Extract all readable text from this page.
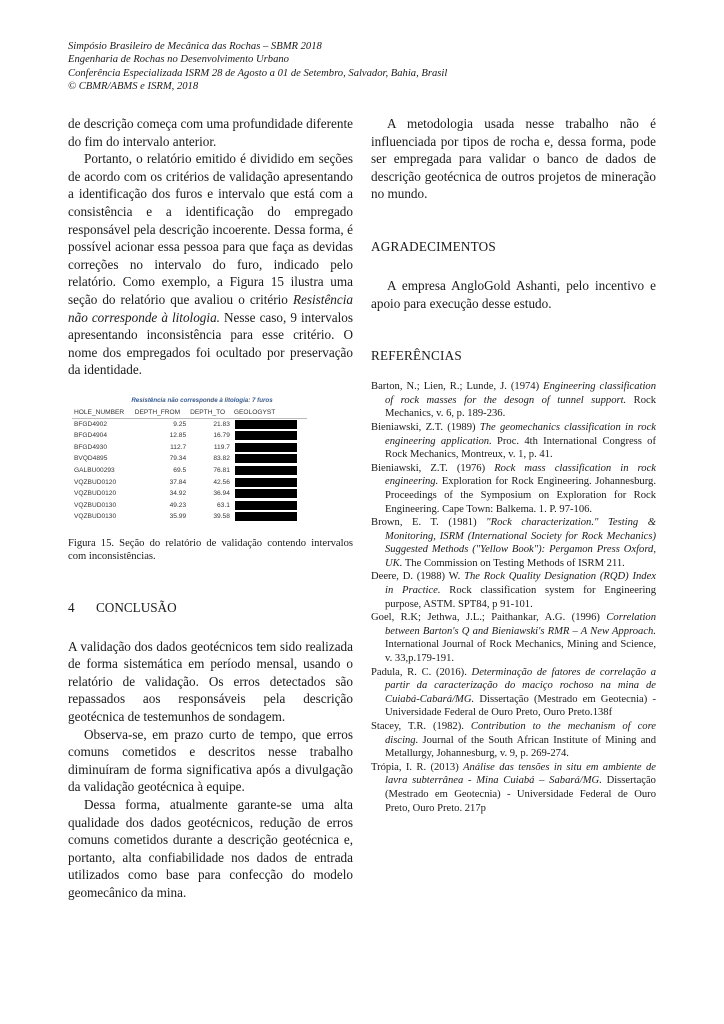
Simpósio Brasileiro de Mecânica das Rochas – SBMR 2018
Engenharia de Rochas no Desenvolvimento Urbano
Conferência Especializada ISRM 28 de Agosto a 01 de Setembro, Salvador, Bahia, Brasil
© CBMR/ABMS e ISRM, 2018

de descrição começa com uma profundidade diferente do fim do intervalo anterior.

Portanto, o relatório emitido é dividido em seções de acordo com os critérios de validação apresentando a identificação dos furos e intervalo que está com a consistência e a identificação do empregado responsável pela descrição incoerente. Dessa forma, é possível acionar essa pessoa para que faça as devidas correções no intervalo do furo, indicado pelo relatório. Como exemplo, a Figura 15 ilustra uma seção do relatório que avaliou o critério Resistência não corresponde à litologia. Nesse caso, 9 intervalos apresentando inconsistência para esse critério. O nome dos empregados foi ocultado por preservação da identidade.

Resistência não corresponde à litologia: 7 furos
HOLE_NUMBER	DEPTH_FROM	DEPTH_TO	GEOLOGYST
BFGD4902	9.25	21.83	
BFGD4904	12.85	16.79	
BFGD4930	112.7	119.7	
BVQD4895	79.34	83.82	
GALBU00293	69.5	76.81	
VQZBUD0120	37.84	42.56	
VQZBUD0120	34.92	36.94	
VQZBUD0130	49.23	63.1	
VQZBUD0130	35.99	39.58	

Figura 15. Seção do relatório de validação contendo intervalos com inconsistências.

4	CONCLUSÃO

A validação dos dados geotécnicos tem sido realizada de forma sistemática em período mensal, usando o relatório de validação. Os erros detectados são repassados aos responsáveis pela descrição geotécnica de testemunhos de sondagem.

Observa-se, em prazo curto de tempo, que erros comuns cometidos e descritos nesse trabalho diminuíram de forma significativa após a divulgação da validação geotécnica à equipe.

Dessa forma, atualmente garante-se uma alta qualidade dos dados geotécnicos, redução de erros comuns cometidos durante a descrição geotécnica e, portanto, alta confiabilidade nos dados de entrada utilizados como base para confecção do modelo geomecânico da mina.

A metodologia usada nesse trabalho não é influenciada por tipos de rocha e, dessa forma, pode ser empregada para validar o banco de dados de descrição geotécnica de outros projetos de mineração no mundo.

AGRADECIMENTOS

A empresa AngloGold Ashanti, pelo incentivo e apoio para execução desse estudo.

REFERÊNCIAS

Barton, N.; Lien, R.; Lunde, J. (1974) Engineering classification of rock masses for the desogn of tunnel support. Rock Mechanics, v. 6, p. 189-236.

Bieniawski, Z.T. (1989) The geomechanics classification in rock engineering application. Proc. 4th International Congress of Rock Mechanics, Montreux, v. 1, p. 41.

Bieniawski, Z.T. (1976) Rock mass classification in rock engineering. Exploration for Rock Engineering. Johannesburg. Proceedings of the Symposium on Exploration for Rock Engineering. Cape Town: Balkema. 1. P. 97-106.

Brown, E. T. (1981) "Rock characterization." Testing & Monitoring, ISRM (International Society for Rock Mechanics) Suggested Methods ("Yellow Book"): Pergamon Press Oxford, UK. The Commission on Testing Methods of ISRM 211.

Deere, D. (1988) W. The Rock Quality Designation (RQD) Index in Practice. Rock classification system for Engineering purpose, ASTM. SPT84, p 91-101.

Goel, R.K; Jethwa, J.L.; Paithankar, A.G. (1996) Correlation between Barton's Q and Bieniawski's RMR – A New Approach. International Journal of Rock Mechanics, Mining and Science, v. 33,p.179-191.

Padula, R. C. (2016). Determinação de fatores de correlação a partir da caracterização do maciço rochoso na mina de Cuiabá-Cabará/MG. Dissertação (Mestrado em Geotecnia) - Universidade Federal de Ouro Preto, Ouro Preto.138f

Stacey, T.R. (1982). Contribution to the mechanism of core discing. Journal of the South African Institute of Mining and Metallurgy, Johannesburg, v. 9, p. 269-274.

Trópia, I. R. (2013) Análise das tensões in situ em ambiente de lavra subterrânea - Mina Cuiabá – Sabará/MG. Dissertação (Mestrado em Geotecnia) - Universidade Federal de Ouro Preto, Ouro Preto. 217p
